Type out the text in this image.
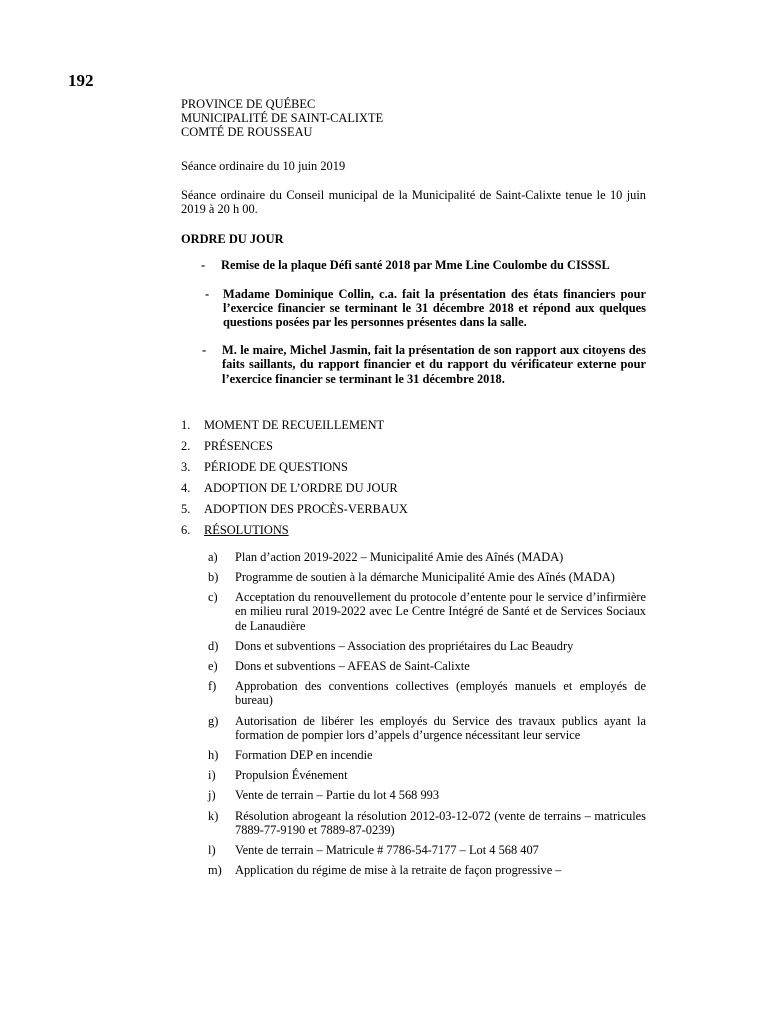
192

PROVINCE DE QUÉBEC

MUNICIPALITÉ DE SAINT-CALIXTE

COMTÉ DE ROUSSEAU

Séance ordinaire du 10 juin 2019

Séance ordinaire du Conseil municipal de la Municipalité de Saint-Calixte tenue le 10 juin 2019 à 20 h 00.

ORDRE DU JOUR

-	Remise de la plaque Défi santé 2018 par Mme Line Coulombe du CISSSL
-	Madame Dominique Collin, c.a. fait la présentation des états financiers pour l’exercice financier se terminant le 31 décembre 2018 et répond aux quelques questions posées par les personnes présentes dans la salle.
-	M. le maire, Michel Jasmin, fait la présentation de son rapport aux citoyens des faits saillants, du rapport financier et du rapport du vérificateur externe pour l’exercice financier se terminant le 31 décembre 2018.
1.	MOMENT DE RECUEILLEMENT
2.	PRÉSENCES
3.	PÉRIODE DE QUESTIONS
4.	ADOPTION DE L’ORDRE DU JOUR
5.	ADOPTION DES PROCÈS-VERBAUX
6.	RÉSOLUTIONS
a)	Plan d’action 2019-2022 – Municipalité Amie des Aînés (MADA)
b)	Programme de soutien à la démarche Municipalité Amie des Aînés (MADA)
c)	Acceptation du renouvellement du protocole d’entente pour le service d’infirmière en milieu rural 2019-2022 avec Le Centre Intégré de Santé et de Services Sociaux de Lanaudière
d)	Dons et subventions – Association des propriétaires du Lac Beaudry
e)	Dons et subventions – AFEAS de Saint-Calixte
f)	Approbation des conventions collectives (employés manuels et employés de bureau)
g)	Autorisation de libérer les employés du Service des travaux publics ayant la formation de pompier lors d’appels d’urgence nécessitant leur service
h)	Formation DEP en incendie
i)	Propulsion Événement
j)	Vente de terrain – Partie du lot 4 568 993
k)	Résolution abrogeant la résolution 2012-03-12-072 (vente de terrains – matricules 7889-77-9190 et 7889-87-0239)
l)	Vente de terrain – Matricule # 7786-54-7177 – Lot 4 568 407
m)	Application du régime de mise à la retraite de façon progressive –
